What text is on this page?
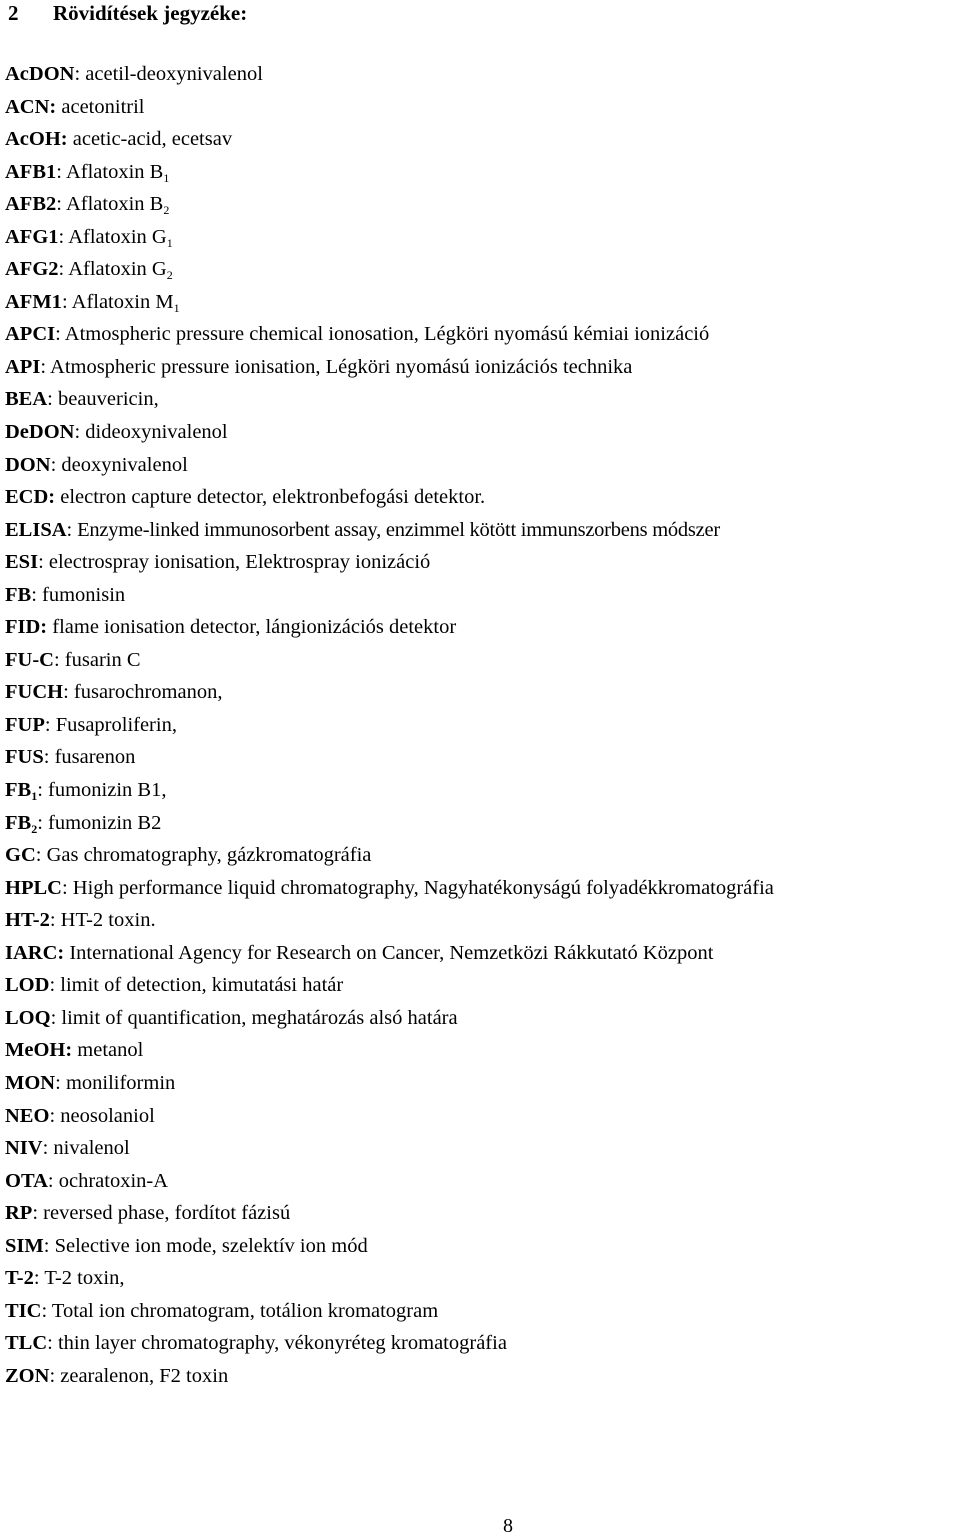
2 Rövidítések jegyzéke:
AcDON: acetil-deoxynivalenol
ACN: acetonitril
AcOH: acetic-acid, ecetsav
AFB1: Aflatoxin $B_1$
AFB2: Aflatoxin $B_2$
AFG1: Aflatoxin $G_1$
AFG2: Aflatoxin $G_2$
AFM1: Aflatoxin $M_1$
APCI: Atmospheric pressure chemical ionosation, Légköri nyomású kémiai ionizáció
API: Atmospheric pressure ionisation, Légköri nyomású ionizációs technika
BEA: beauvericin,
DeDON: dideoxynivalenol
DON: deoxynivalenol
ECD: electron capture detector, elektronbefogási detektor.
ELISA: Enzyme-linked immunosorbent assay, enzimmel kötött immunszorbens módszer
ESI: electrospray ionisation, Elektrospray ionizáció
FB: fumonisin
FID: flame ionisation detector, lángionizációs detektor
FU-C: fusarin C
FUCH: fusarochromanon,
FUP: Fusaproliferin,
FUS: fusarenon
$FB_1$: fumonizin B1,
$FB_2$: fumonizin B2
GC: Gas chromatography, gázkromatográfia
HPLC: High performance liquid chromatography, Nagyhatékonyságú folyadékkromatográfia
HT-2: HT-2 toxin.
IARC: International Agency for Research on Cancer, Nemzetközi Rákkutató Központ
LOD: limit of detection, kimutatási határ
LOQ: limit of quantification, meghatározás alsó határa
MeOH: metanol
MON: moniliformin
NEO: neosolaniol
NIV: nivalenol
OTA: ochratoxin-A
RP: reversed phase, fordítot fázisú
SIM: Selective ion mode, szelektív ion mód
T-2: T-2 toxin,
TIC: Total ion chromatogram, totálion kromatogram
TLC: thin layer chromatography, vékonyréteg kromatográfia
ZON: zearalenon, F2 toxin
8
